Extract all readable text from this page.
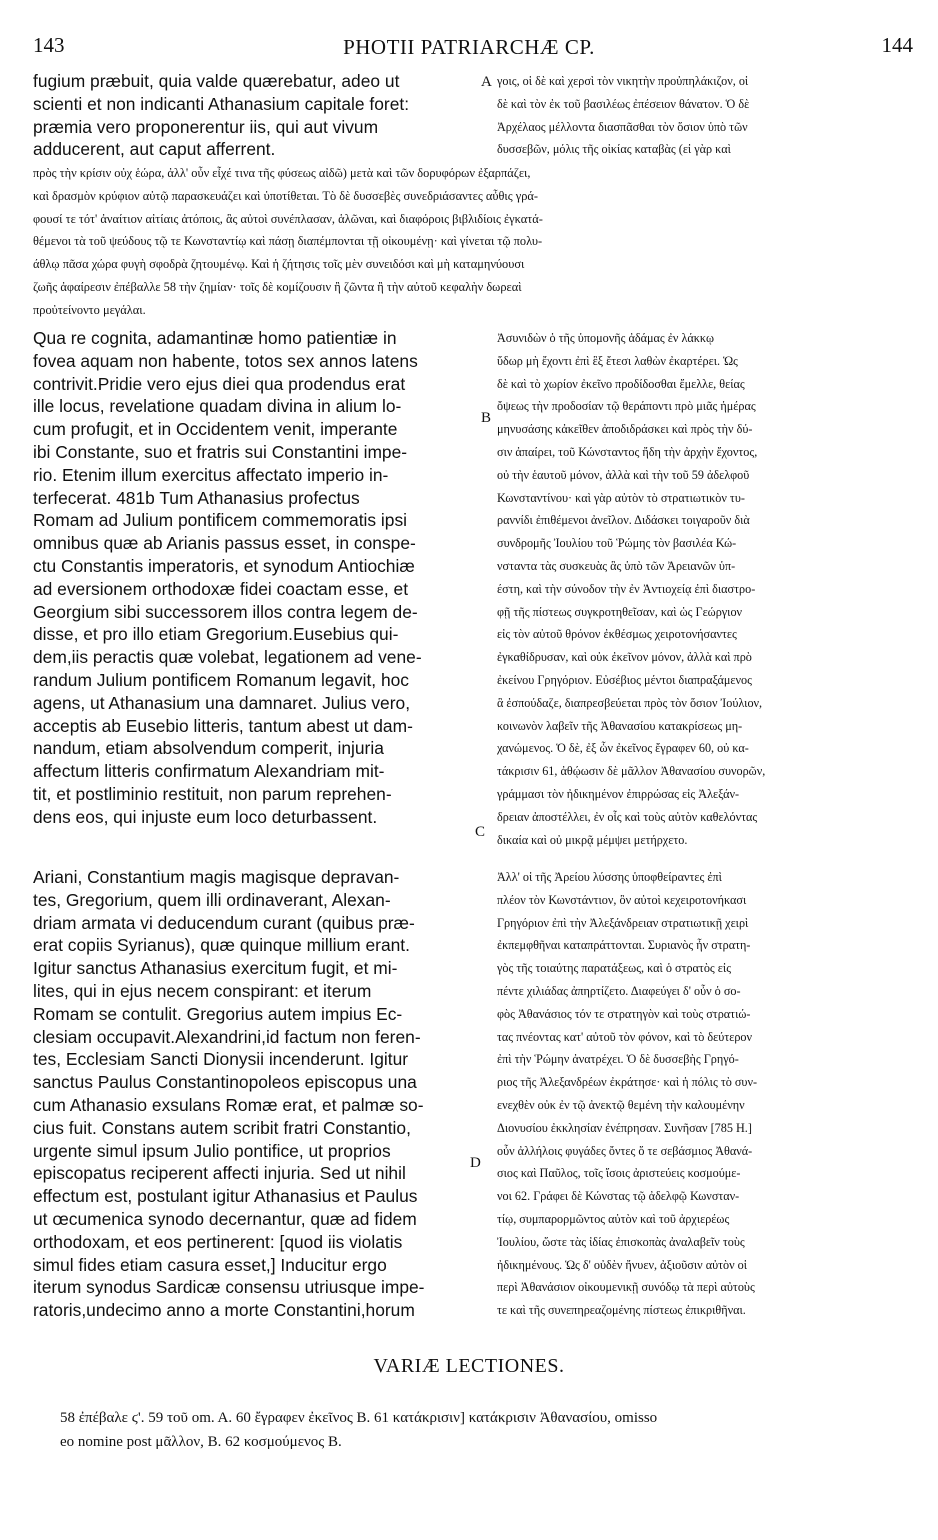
143	PHOTII PATRIARCHÆ CP.	144
fugium præbuit, quia valde quærebatur, adeo ut
scienti et non indicanti Athanasium capitale foret:
præmia vero proponerentur iis, qui aut vivum
adducerent, aut caput afferrent.
γοις, οἱ δὲ καὶ χερσὶ τὸν νικητὴν προὐπηλάκιζον, οἱ
δὲ καὶ τὸν ἐκ τοῦ βασιλέως ἐπέσειον θάνατον. Ὁ δὲ
Ἀρχέλαος μέλλοντα διασπᾶσθαι τὸν ὅσιον ὑπὸ τῶν
δυσσεβῶν, μόλις τῆς οἰκίας καταβὰς (εἰ γὰρ καὶ
πρὸς τὴν κρίσιν οὐχ ἑώρα, ἀλλ' οὖν εἶχέ τινα τῆς φύσεως αἰδῶ) μετὰ καὶ τῶν δορυφόρων ἐξαρπάζει,
καὶ δρασμὸν κρύφιον αὐτῷ παρασκευάζει καὶ ὑποτίθεται. Τὸ δὲ δυσσεβὲς συνεδριάσαντες αὖθις γρά-
φουσί τε τότ' ἀναίτιον αἰτίαις ἀτόποις, ἃς αὐτοὶ συνέπλασαν, ἁλῶναι, καὶ διαφόροις βιβλιδίοις ἐγκατά-
θέμενοι τὰ τοῦ ψεύδους τῷ τε Κωνσταντίῳ καὶ πάσῃ διαπέμπονται τῇ οἰκουμένῃ· καὶ γίνεται τῷ πολυ-
άθλῳ πᾶσα χώρα φυγὴ σφοδρὰ ζητουμένῳ. Καὶ ἡ ζήτησις τοῖς μὲν συνειδόσι καὶ μὴ καταμηνύουσι
ζωῆς ἀφαίρεσιν ἐπέβαλλε 58 τὴν ζημίαν· τοῖς δὲ κομίζουσιν ἢ ζῶντα ἢ τὴν αὐτοῦ κεφαλὴν δωρεαὶ
προὐτείνοντο μεγάλαι.
Qua re cognita, adamantinæ homo patientiæ in
fovea aquam non habente, totos sex annos latens
contrivit.Pridie vero ejus diei qua prodendus erat
ille locus, revelatione quadam divina in alium lo-
cum profugit, et in Occidentem venit, imperante
ibi Constante, suo et fratris sui Constantini impe-
rio. Etenim illum exercitus affectato imperio in-
terfecerat. 481b Tum Athanasius profectus
Romam ad Julium pontificem commemoratis ipsi
omnibus quæ ab Arianis passus esset, in conspe-
ctu Constantis imperatoris, et synodum Antiochiæ
ad eversionem orthodoxæ fidei coactam esse, et
Georgium sibi successorem illos contra legem de-
disse, et pro illo etiam Gregorium.Eusebius qui-
dem,iis peractis quæ volebat, legationem ad vene-
randum Julium pontificem Romanum legavit, hoc
agens, ut Athanasium una damnaret. Julius vero,
acceptis ab Eusebio litteris, tantum abest ut dam-
nandum, etiam absolvendum comperit, injuria
affectum litteris confirmatum Alexandriam mit-
tit, et postliminio restituit, non parum reprehen-
dens eos, qui injuste eum loco deturbassent.
Ἀσυνιδὼν ὁ τῆς ὑπομονῆς ἀδάμας ἐν λάκκῳ
ὕδωρ μὴ ἔχοντι ἐπὶ ἓξ ἔτεσι λαθὼν ἐκαρτέρει. Ὡς
δὲ καὶ τὸ χωρίον ἐκεῖνο προδίδοσθαι ἔμελλε, θείας
ὄψεως τὴν προδοσίαν τῷ θεράποντι πρὸ μιᾶς ἡμέρας
μηνυσάσης κἀκεῖθεν ἀποδιδράσκει καὶ πρὸς τὴν δύ-
σιν ἀπαίρει, τοῦ Κώνσταντος ἤδη τὴν ἀρχὴν ἔχοντος,
οὐ τὴν ἑαυτοῦ μόνον, ἀλλὰ καὶ τὴν τοῦ 59 ἀδελφοῦ
Κωνσταντίνου· καὶ γὰρ αὐτὸν τὸ στρατιωτικὸν τυ-
ραννίδι ἐπιθέμενοι ἀνεῖλον. Διδάσκει τοιγαροῦν διὰ
συνδρομῆς Ἰουλίου τοῦ Ῥώμης τὸν βασιλέα Κώ-
νσταντα τὰς συσκευὰς ἃς ὑπὸ τῶν Ἀρειανῶν ὑπ-
έστη, καὶ τὴν σύνοδον τὴν ἐν Ἀντιοχείᾳ ἐπὶ διαστρο-
φῇ τῆς πίστεως συγκροτηθεῖσαν, καὶ ὡς Γεώργιον
εἰς τὸν αὐτοῦ θρόνον ἐκθέσμως χειροτονήσαντες
ἐγκαθίδρυσαν, καὶ οὐκ ἐκεῖνον μόνον, ἀλλὰ καὶ πρὸ
ἐκείνου Γρηγόριον. Εὐσέβιος μέντοι διαπραξάμενος
ἃ ἐσπούδαζε, διαπρεσβεύεται πρὸς τὸν ὅσιον Ἰούλιον,
κοινωνὸν λαβεῖν τῆς Ἀθανασίου κατακρίσεως μη-
χανώμενος. Ὁ δὲ, ἐξ ὧν ἐκεῖνος ἔγραφεν 60, οὐ κα-
τάκρισιν 61, ἀθῴωσιν δὲ μᾶλλον Ἀθανασίου συνορῶν,
γράμμασι τὸν ἠδικημένον ἐπιρρώσας εἰς Ἀλεξάν-
δρειαν ἀποστέλλει, ἐν οἷς καὶ τοὺς αὐτὸν καθελόντας
δικαία καὶ οὐ μικρᾷ μέμψει μετήρχετο.
Ariani, Constantium magis magisque depravan-
tes, Gregorium, quem illi ordinaverant, Alexan-
driam armata vi deducendum curant (quibus præ-
erat copiis Syrianus), quæ quinque millium erant.
Igitur sanctus Athanasius exercitum fugit, et mi-
lites, qui in ejus necem conspirant: et iterum
Romam se contulit. Gregorius autem impius Ec-
clesiam occupavit.Alexandrini,id factum non feren-
tes, Ecclesiam Sancti Dionysii incenderunt. Igitur
sanctus Paulus Constantinopoleos episcopus una
cum Athanasio exsulans Romæ erat, et palmæ so-
cius fuit. Constans autem scribit fratri Constantio,
urgente simul ipsum Julio pontifice, ut proprios
episcopatus reciperent affecti injuria. Sed ut nihil
effectum est, postulant igitur Athanasius et Paulus
ut œcumenica synodo decernantur, quæ ad fidem
orthodoxam, et eos pertinerent: [quod iis violatis
simul fides etiam casura esset,] Inducitur ergo
iterum synodus Sardicæ consensu utriusque impe-
ratoris,undecimo anno a morte Constantini,horum
Ἀλλ' οἱ τῆς Ἀρείου λύσσης ὑποφθείραντες ἐπὶ
πλέον τὸν Κωνστάντιον, ὃν αὐτοὶ κεχειροτονήκασι
Γρηγόριον ἐπὶ τὴν Ἀλεξάνδρειαν στρατιωτικῇ χειρὶ
ἐκπεμφθῆναι καταπράττονται. Συριανὸς ἦν στρατη-
γὸς τῆς τοιαύτης παρατάξεως, καὶ ὁ στρατὸς εἰς
πέντε χιλιάδας ἀπηρτίζετο. Διαφεύγει δ' οὖν ὁ σο-
φὸς Ἀθανάσιος τόν τε στρατηγὸν καὶ τοὺς στρατιώ-
τας πνέοντας κατ' αὐτοῦ τὸν φόνον, καὶ τὸ δεύτερον
ἐπὶ τὴν Ῥώμην ἀνατρέχει. Ὁ δὲ δυσσεβὴς Γρηγό-
ριος τῆς Ἀλεξανδρέων ἐκράτησε· καὶ ἡ πόλις τὸ συν-
ενεχθὲν οὐκ ἐν τῷ ἀνεκτῷ θεμένη τὴν καλουμένην
Διονυσίου ἐκκλησίαν ἐνέπρησαν. Συνῆσαν [785 H.]
οὖν ἀλλήλοις φυγάδες ὄντες ὅ τε σεβάσμιος Ἀθανά-
σιος καὶ Παῦλος, τοῖς ἴσοις ἀριστεύεις κοσμούμε-
νοι 62. Γράφει δὲ Κώνστας τῷ ἀδελφῷ Κωνσταν-
τίῳ, συμπαρορμῶντος αὐτὸν καὶ τοῦ ἀρχιερέως
Ἰουλίου, ὥστε τὰς ἰδίας ἐπισκοπὰς ἀναλαβεῖν τοὺς
ἠδικημένους. Ὡς δ' οὐδὲν ἤνυεν, ἀξιοῦσιν αὐτὸν οἱ
περὶ Ἀθανάσιον οἰκουμενικῇ συνόδῳ τὰ περὶ αὐτοὺς
τε καὶ τῆς συνεπηρεαζομένης πίστεως ἐπικριθῆναι.
A
B
C
D
VARIÆ LECTIONES.
58 ἐπέβαλε ϛ'. 59 τοῦ om. A. 60 ἔγραφεν ἐκεῖνος B. 61 κατάκρισιν] κατάκρισιν Ἀθανασίου, omisso
eo nomine post μᾶλλον, B. 62 κοσμούμενος B.
